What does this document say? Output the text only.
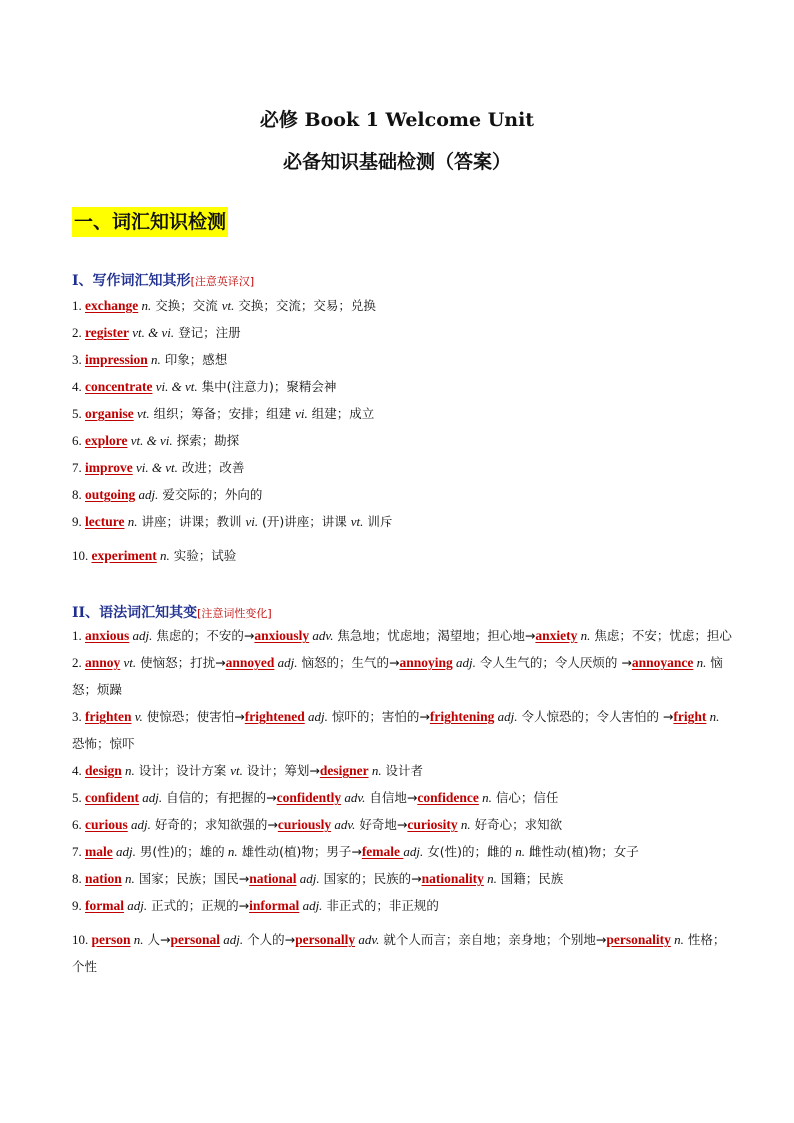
必修 Book 1 Welcome Unit
必备知识基础检测（答案）
一、词汇知识检测
I、写作词汇知其形[注意英译汉]
1. exchange n. 交换；交流 vt. 交换；交流；交易；兑换
2. register vt. & vi. 登记；注册
3. impression n. 印象；感想
4. concentrate vi. & vt. 集中(注意力)；聚精会神
5. organise vt. 组织；筹备；安排；组建 vi. 组建；成立
6. explore vt. & vi. 探索；勘探
7. improve vi. & vt. 改进；改善
8. outgoing adj. 爱交际的；外向的
9. lecture n. 讲座；讲课；教训 vi. (开)讲座；讲课 vt. 训斥
10. experiment n. 实验；试验
II、语法词汇知其变[注意词性变化]
1. anxious adj. 焦虑的；不安的→anxiously adv. 焦急地；忧虑地；渴望地；担心地→anxiety n. 焦虑；不安；忧虑；担心
2. annoy vt. 使恼怒；打扰→annoyed adj. 恼怒的；生气的→annoying adj. 令人生气的；令人厌烦的 →annoyance n. 恼怒；烦躁
3. frighten v. 使惊恐；使害怕→frightened adj. 惊吓的；害怕的→frightening adj. 令人惊恐的；令人害怕的 →fright n. 恐怖；惊吓
4. design n. 设计；设计方案 vt. 设计；筹划→designer n. 设计者
5. confident adj. 自信的；有把握的→confidently adv. 自信地→confidence n. 信心；信任
6. curious adj. 好奇的；求知欲强的→curiously adv. 好奇地→curiosity n. 好奇心；求知欲
7. male adj. 男(性)的；雄的 n. 雄性动(植)物；男子→female adj. 女(性)的；雌的 n. 雌性动(植)物；女子
8. nation n. 国家；民族；国民→national adj. 国家的；民族的→nationality n. 国籍；民族
9. formal adj. 正式的；正规的→informal adj. 非正式的；非正规的
10. person n. 人→personal adj. 个人的→personally adv. 就个人而言；亲自地；亲身地；个别地→personality n. 性格；个性
